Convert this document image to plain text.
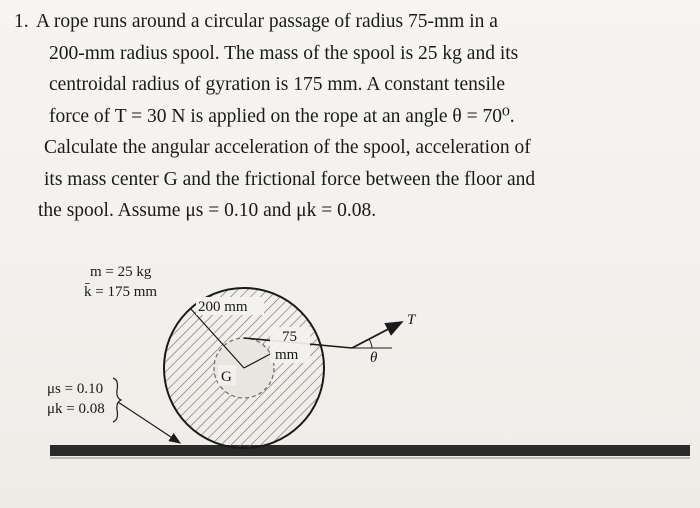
1. A rope runs around a circular passage of radius 75-mm in a
200-mm radius spool. The mass of the spool is 25 kg and its
centroidal radius of gyration is 175 mm. A constant tensile
force of T = 30 N is applied on the rope at an angle θ = 70⁰.
Calculate the angular acceleration of the spool, acceleration of
its mass center G and the frictional force between the floor and
the spool. Assume μs = 0.10 and μk = 0.08.
m = 25 kg
k̄ = 175 mm
200 mm
75
mm
G
T
θ
μs = 0.10
μk = 0.08
